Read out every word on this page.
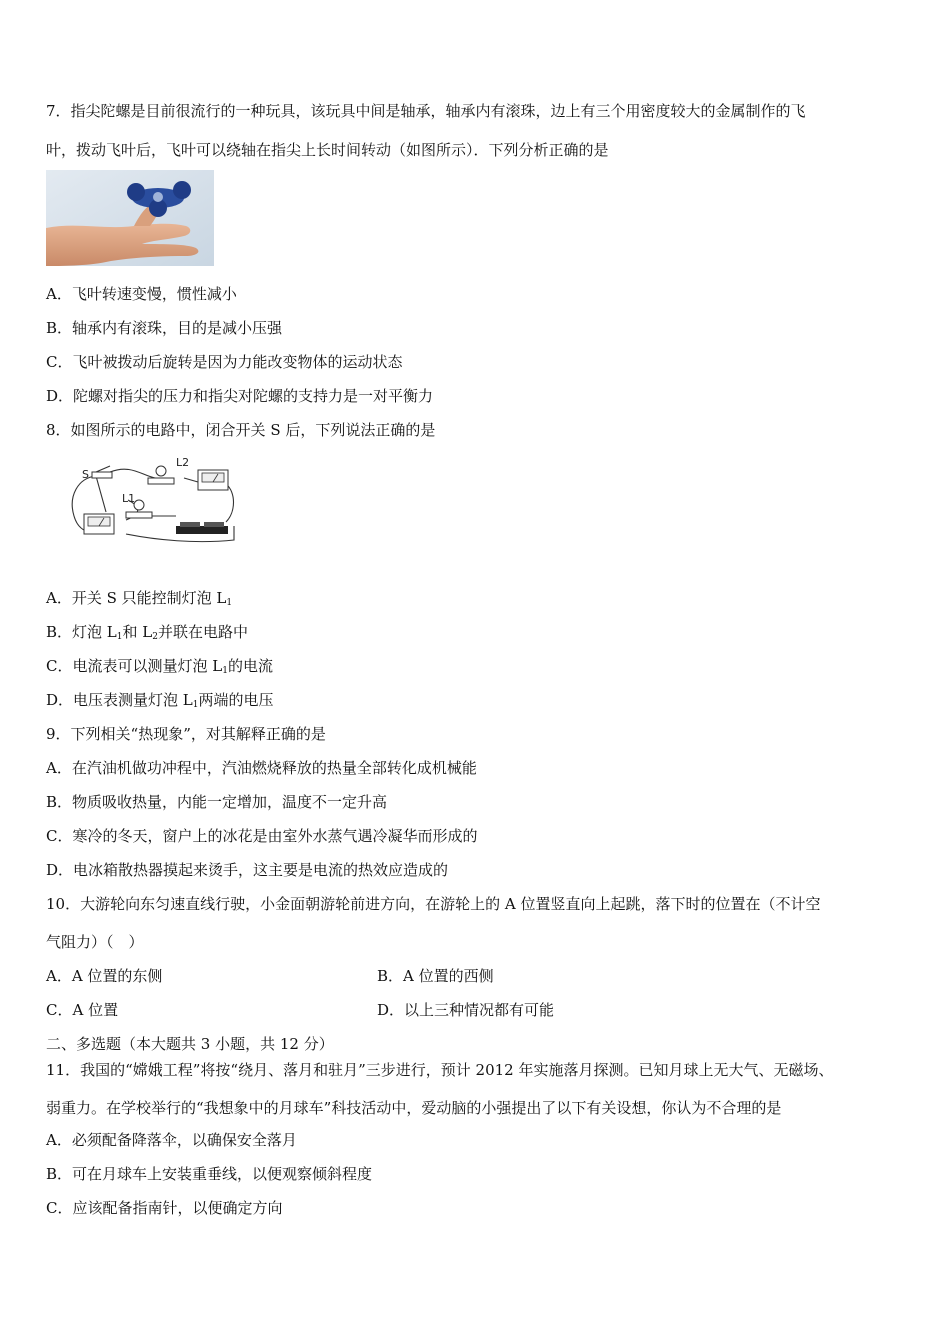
7．指尖陀螺是目前很流行的一种玩具，该玩具中间是轴承，轴承内有滚珠，边上有三个用密度较大的金属制作的飞
叶，拨动飞叶后，飞叶可以绕轴在指尖上长时间转动（如图所示）．下列分析正确的是
A．飞叶转速变慢，惯性减小
B．轴承内有滚珠，目的是减小压强
C．飞叶被拨动后旋转是因为力能改变物体的运动状态
D．陀螺对指尖的压力和指尖对陀螺的支持力是一对平衡力
8．如图所示的电路中，闭合开关 S 后，下列说法正确的是
S
L2
L1
A．开关 S 只能控制灯泡 $L_1$
B．灯泡 $L_1$和 $L_2$并联在电路中
C．电流表可以测量灯泡 $L_1$的电流
D．电压表测量灯泡 $L_1$两端的电压
9．下列相关“热现象”，对其解释正确的是
A．在汽油机做功冲程中，汽油燃烧释放的热量全部转化成机械能
B．物质吸收热量，内能一定增加，温度不一定升高
C．寒冷的冬天，窗户上的冰花是由室外水蒸气遇冷凝华而形成的
D．电冰箱散热器摸起来烫手，这主要是电流的热效应造成的
10．大游轮向东匀速直线行驶，小金面朝游轮前进方向，在游轮上的 A 位置竖直向上起跳，落下时的位置在（不计空
气阻力）（　）
A．A 位置的东侧	B．A 位置的西侧
C．A 位置	D．以上三种情况都有可能
二、多选题（本大题共 3 小题，共 12 分）
11．我国的“嫦娥工程”将按“绕月、落月和驻月”三步进行，预计 2012 年实施落月探测。已知月球上无大气、无磁场、
弱重力。在学校举行的“我想象中的月球车”科技活动中，爱动脑的小强提出了以下有关设想，你认为不合理的是
A．必须配备降落伞，以确保安全落月
B．可在月球车上安装重垂线，以便观察倾斜程度
C．应该配备指南针，以便确定方向
